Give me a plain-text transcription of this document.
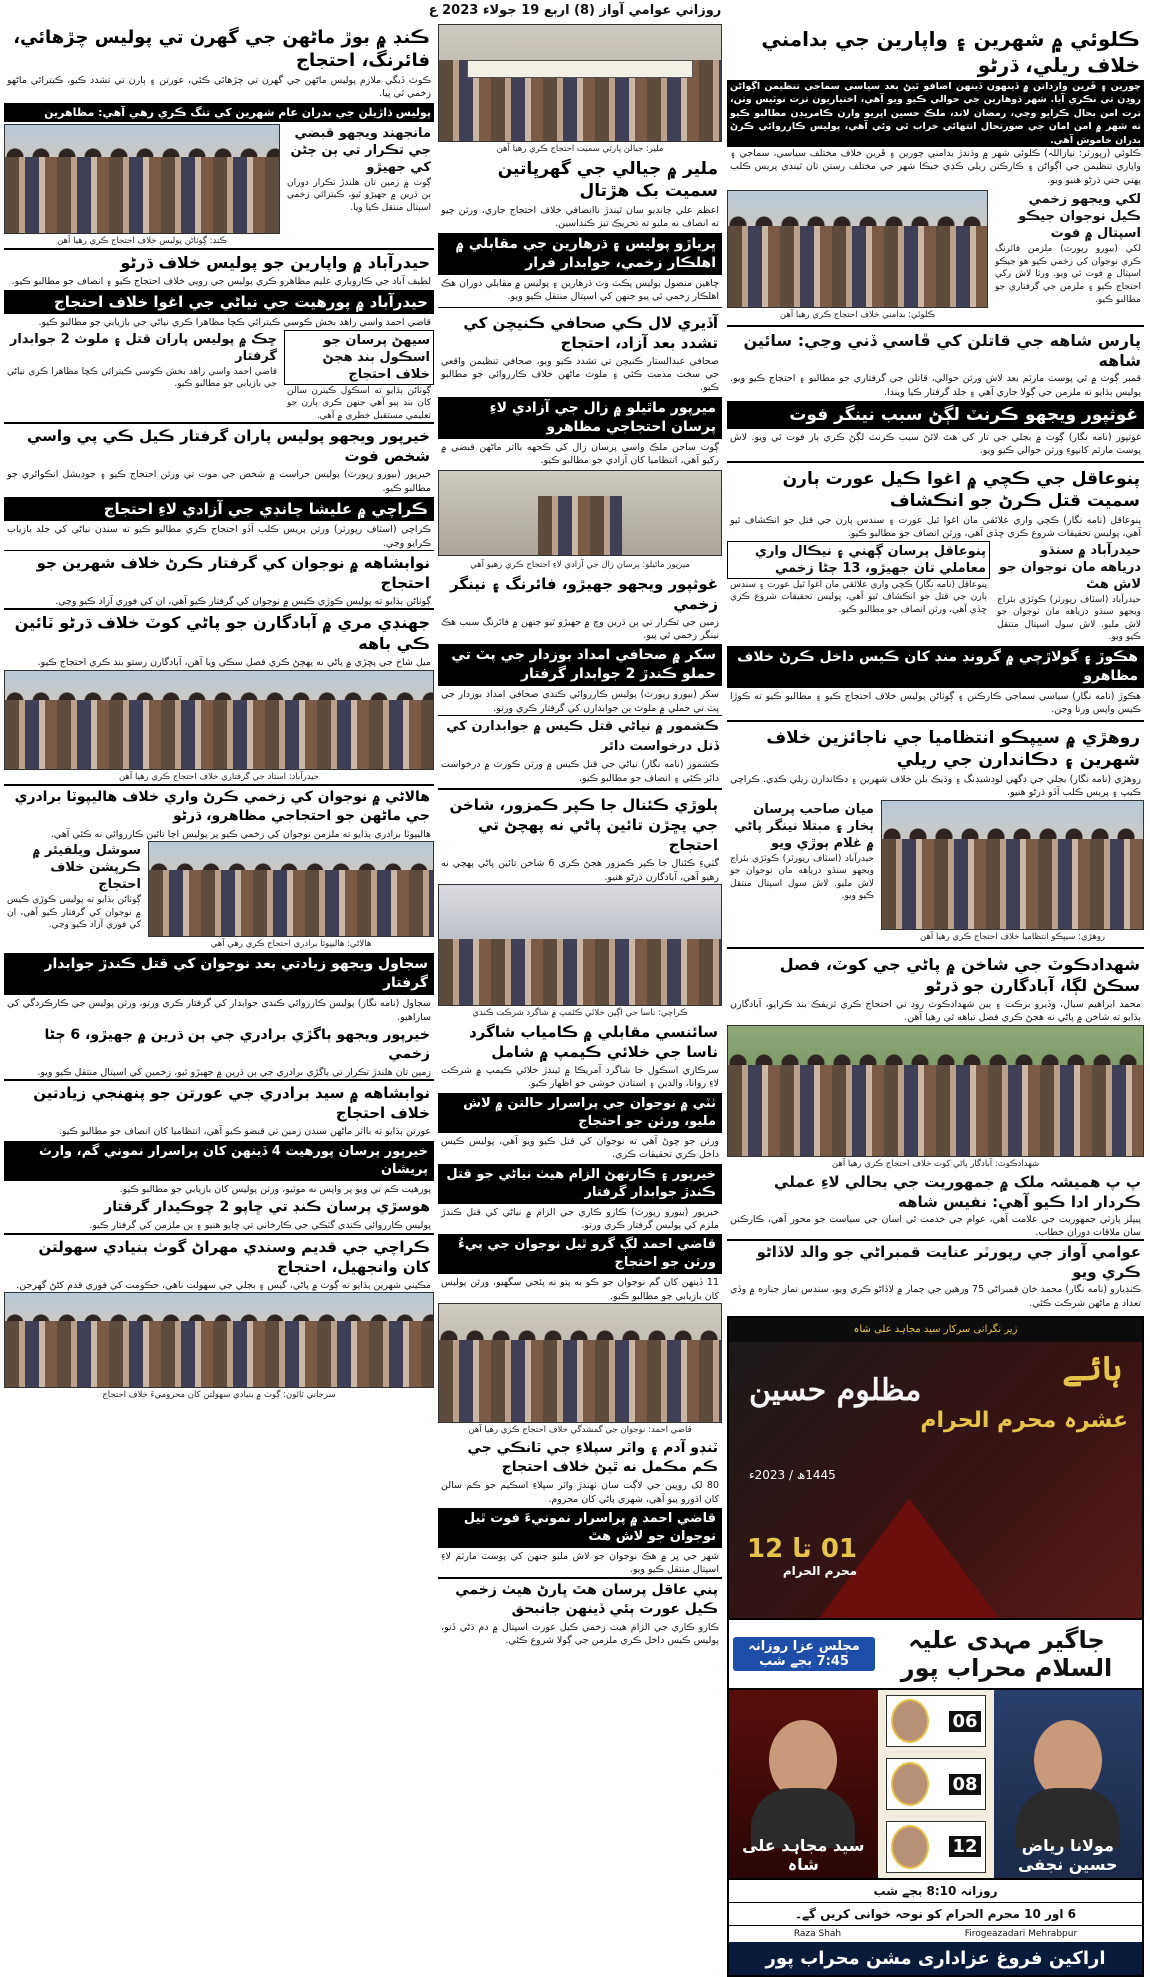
روزاني عوامي آواز (8) اربع 19 جولاء 2023 ع
ڪلوئي ۾ شهرين ۽ واپارين جي بدامني خلاف ريلي، ڌرڻو
چورين ۽ ڦرين وارداتن ۾ ڏينهون ڏينهن اضافو ٿيڻ بعد سياسي سماجي تنظيمن اڳواڻن روڊن تي نڪري آيا. شهر ڌوهارين جي حوالي ڪيو ويو آهي، اختياريون ترت نوٽيس وٺن، ترت امن بحال ڪرايو وڃي، رمضان لاند، ملڪ حسين اڀريو وارن ڪامريڊن مطالبو ڪيو ته شهر ۾ امن امان جي صورتحال انتهائي خراب ٿي وئي آهي، پوليس ڪارروائي ڪرڻ بدران خاموش آهي.
ڪلوئي (رپورٽر: نيازاللہ) ڪلوئي شهر ۾ وڌندڙ بدامني چورين ۽ ڦرين خلاف مختلف سياسي، سماجي ۽ واپاري تنظيمن جي اڳواڻن ۽ ڪارڪنن ريلي ڪڍي جيڪا شهر جي مختلف رستن تان ٿيندي پريس ڪلب پهتي جتي ڌرڻو هنيو ويو.
لکي ويجهو زخمي ڪيل نوجوان جيڪو اسپتال ۾ فوت
لکي (بيورو رپورٽ) ملزمن فائرنگ ڪري نوجوان کي زخمي ڪيو هو جيڪو اسپتال ۾ فوت ٿي ويو. ورثا لاش رکي احتجاج ڪيو ۽ ملزمن جي گرفتاري جو مطالبو ڪيو.
ڪلوئي: بدامني خلاف احتجاج ڪري رهيا آهن
پارس شاهه جي قاتلن کي ڦاسي ڏني وڃي: سائين شاهه
قمبر ڳوٺ ۾ ٿي پوسٽ مارٽم بعد لاش ورثن حوالي، قاتلن جي گرفتاري جو مطالبو ۽ احتجاج ڪيو ويو. پوليس ٻڌايو ته ملزمن جي ڳولا جاري آهي ۽ جلد گرفتار ڪيا ويندا.
غوثپور ويجهو ڪرنٽ لڳڻ سبب نينگر فوت
غوثپور (نامه نگار) ڳوٺ ۾ بجلي جي تار کي هٿ لائڻ سبب ڪرنٽ لڳڻ ڪري ٻار فوت ٿي ويو. لاش پوسٽ مارٽم کانپوءِ ورثن حوالي ڪيو ويو.
پنوعاقل جي ڪچي ۾ اغوا ڪيل عورت ٻارن سميت قتل ڪرڻ جو انڪشاف
پنوعاقل (نامه نگار) ڪچي واري علائقي مان اغوا ٿيل عورت ۽ سندس ٻارن جي قتل جو انڪشاف ٿيو آهي، پوليس تحقيقات شروع ڪري ڇڏي آهي، ورثن انصاف جو مطالبو ڪيو.
حيدرآباد ۾ سنڌو درياهه مان نوجوان جو لاش هٿ
حيدرآباد (اسٽاف رپورٽر) ڪوٽڙي بئراج ويجهو سنڌو درياهه مان نوجوان جو لاش مليو. لاش سول اسپتال منتقل ڪيو ويو.
پنوعاقل پرسان ڳهني ۽ نيڪال واري معاملي تان جهيڙو، 13 ڄڻا زخمي
پنوعاقل (نامه نگار) ڪچي واري علائقي مان اغوا ٿيل عورت ۽ سندس ٻارن جي قتل جو انڪشاف ٿيو آهي، پوليس تحقيقات شروع ڪري ڇڏي آهي، ورثن انصاف جو مطالبو ڪيو.
هڪوڙ ۽ گولاڙچي ۾ گرونڊ منڊ کان ڪيس داخل ڪرڻ خلاف مظاهرو
هڪوڙ (نامه نگار) سياسي سماجي ڪارڪنن ۽ ڳوٺاڻن پوليس خلاف احتجاج ڪيو ۽ مطالبو ڪيو ته ڪوڙا ڪيس واپس ورتا وڃن.
روهڙي ۾ سيپڪو انتظاميا جي ناجائزين خلاف شهرين ۽ دڪاندارن جي ريلي
روهڙي (نامه نگار) بجلي جي ڊگهي لوڊشيڊنگ ۽ وڌيڪ بلن خلاف شهرين ۽ دڪاندارن ريلي ڪڍي. ڪراچي ڪيپ ۽ پريس ڪلب آڏو ڌرڻو هنيو.
روهڙي: سيپڪو انتظاميا خلاف احتجاج ڪري رهيا آهن
ميان صاحب پرسان ٻخار ۽ مبتلا نينگر پاڻي ۾ غلام ٻوڙي ويو
حيدرآباد (اسٽاف رپورٽر) ڪوٽڙي بئراج ويجهو سنڌو درياهه مان نوجوان جو لاش مليو. لاش سول اسپتال منتقل ڪيو ويو.
شهدادڪوٽ جي شاخن ۾ پاڻي جي کوٽ، فصل سڪڻ لڳا، آبادگارن جو ڌرڻو
محمد ابراهيم سيال، وڏيرو برڪت ۽ ٻين شهدادڪوٽ روڊ تي احتجاج ڪري ٽريفڪ بند ڪرايو، آبادگارن ٻڌايو ته شاخن ۾ پاڻي نه هجڻ ڪري فصل تباهه ٿي رهيا آهن.
شهدادڪوٽ: آبادگار پاڻي کوٽ خلاف احتجاج ڪري رهيا آهن
پ پ همیشہ ملک ۾ جمهوريت جي بحالي لاءِ عملي ڪردار ادا ڪيو آهي: نفيس شاهه
پيپلز پارٽي جمهوريت جي علامت آهي، عوام جي خدمت ئي اسان جي سياست جو محور آهي، ڪارڪنن سان ملاقات دوران خطاب.
عوامي آواز جي رپورٽر عنايت قمبراڻي جو والد لاڏاڻو ڪري ويو
ڪنڊيارو (نامه نگار) محمد خان قمبراڻي 75 ورهين جي ڄمار ۾ لاڏاڻو ڪري ويو، سندس نماز جنازه ۾ وڏي تعداد ۾ ماڻهن شرڪت ڪئي.
زیر نگرانی سرکار سید مجاہد علی شاہ
ہائے
مظلوم حسین
عشرہ محرم الحرام
1445ھ / 2023ء
01 تا 12
محرم الحرام
جاگیر مہدی علیہ السلام محراب پور
مجلس عزا روزانہ 7:45 بجے شب
مولانا ریاض حسین نجفی
06
08
12
سید مجاہد علی شاہ
روزانہ 8:10 بجے شب
6 اور 10 محرم الحرام کو نوحہ خوانی کریں گے۔
Raza Shah	Firogeazadari Mehrabpur
اراکین فروغ عزاداری مشن محراب پور
ملير: جيالن پارٽي سميت احتجاج ڪري رهيا آهن
ملير ۾ جيالي جي گهرڀاتين سميت بک هڙتال
اعظم علي چانڊيو سان ٿيندڙ ناانصافي خلاف احتجاج جاري، ورثن چيو ته انصاف نه مليو ته تحريڪ تيز ڪنداسين.
ڀرياڙو پوليس ۽ ڌرهارين جي مقابلي ۾ اهلڪار زخمي، جوابدار فرار
چاهين منصول پوليس پڪٽ وٽ ڌرهارين ۽ پوليس ۾ مقابلي دوران هڪ اهلڪار زخمي ٿي پيو جنهن کي اسپتال منتقل ڪيو ويو.
آڏيري لال ڪي صحافي ڪنيچن کي تشدد بعد آزاد، احتجاج
صحافي عبدالستار ڪنيچن تي تشدد ڪيو ويو، صحافي تنظيمن واقعي جي سخت مذمت ڪئي ۽ ملوث ماڻهن خلاف ڪارروائي جو مطالبو ڪيو.
ميرپور ماٿيلو ۾ زال جي آزادي لاءِ پرسان احتجاجي مظاهرو
ڳوٺ ساجن ملڪ واسي پرسان زال کي ڪجهه بااثر ماڻهن قبضي ۾ رکيو آهي، انتظاميا کان آزادي جو مطالبو ڪيو.
ميرپور ماٿيلو: پرسان زال جي آزادي لاءِ احتجاج ڪري رهيو آهي
غوثپور ويجهو جهيڙو، فائرنگ ۽ نينگر زخمي
زمين جي تڪرار تي ٻن ڌرين وچ ۾ جهيڙو ٿيو جنهن ۾ فائرنگ سبب هڪ نينگر زخمي ٿي پيو.
سکر ۾ صحافي امداد بوزدار جي پٽ تي حملو ڪندڙ 2 جوابدار گرفتار
سکر (بيورو رپورٽ) پوليس ڪارروائي ڪندي صحافي امداد بوزدار جي پٽ تي حملي ۾ ملوث ٻن جوابدارن کي گرفتار ڪري ورتو.
ڪشمور ۾ نياڻي قتل ڪيس ۾ جوابدارن کي ڏنل درخواست دائر
ڪشمور (نامه نگار) نياڻي جي قتل ڪيس ۾ ورثن ڪورٽ ۾ درخواست دائر ڪئي ۽ انصاف جو مطالبو ڪيو.
ٻلوڙي ڪئنال جا ڪپر ڪمزور، شاخن جي پڇڙن تائين پاڻي نه پهچڻ تي احتجاج
گٽيءِ ڪئنال جا ڪپر ڪمزور هجڻ ڪري 6 شاخن تائين پاڻي پهچي نه رهيو آهي، آبادگارن ڌرڻو هنيو.
ڪراچي: ناسا جي اڳين خلائي ڪئمپ ۾ شاگرد شرڪت ڪندي
سائنسي مقابلي ۾ ڪامياب شاگرد ناسا جي خلائي ڪيمپ ۾ شامل
سرڪاري اسڪول جا شاگرد آمريڪا ۾ ٿيندڙ خلائي ڪيمپ ۾ شرڪت لاءِ روانا، والدين ۽ استادن خوشي جو اظهار ڪيو.
ٺٽي ۾ نوجوان جي پراسرار حالتن ۾ لاش مليو، ورثن جو احتجاج
ورثن جو چوڻ آهي ته نوجوان کي قتل ڪيو ويو آهي، پوليس ڪيس داخل ڪري تحقيقات ڪري.
خيرپور ۽ ڪارنهڻ الزام هيٺ نياڻي جو قتل ڪندڙ جوابدار گرفتار
خيرپور (بيورو رپورٽ) ڪارو ڪاري جي الزام ۾ نياڻي کي قتل ڪندڙ ملزم کي پوليس گرفتار ڪري ورتو.
قاضي احمد لڳ گرو ٿيل نوجوان جي پيءُ ورثن جو احتجاج
11 ڏينهن کان گم نوجوان جو ڪو به پتو نه پئجي سگهيو، ورثن پوليس کان بازيابي جو مطالبو ڪيو.
قاضي احمد: نوجوان جي گمشدگي خلاف احتجاج ڪري رهيا آهن
ٽنڊو آدم ۽ واٽر سپلاءِ جي ٽانڪي جي ڪم مڪمل نه ٿيڻ خلاف احتجاج
80 لک روپين جي لاڳت سان ٺهندڙ واٽر سپلاءِ اسڪيم جو ڪم سالن کان اڌورو پيو آهي، شهري پاڻي کان محروم.
قاضي احمد ۾ پراسرار نمونيءَ فوت ٿيل نوجوان جو لاش هٿ
شهر جي ڀر ۾ هڪ نوجوان جو لاش مليو جنهن کي پوسٽ مارٽم لاءِ اسپتال منتقل ڪيو ويو.
پني عاقل پرسان هٿ ڀارڻ هيٺ زخمي ڪيل عورت ٻئي ڏينهن جانبحق
ڪارو ڪاري جي الزام هيٺ زخمي ڪيل عورت اسپتال ۾ دم ڌڻي ڏنو، پوليس ڪيس داخل ڪري ملزمن جي ڳولا شروع ڪئي.
ڪنڊ ۾ بوڙ ماڻهن جي گهرن تي پوليس چڙهائي، فائرنگ، احتجاج
ڪوٽ ڏيگي ملازم پوليس ماڻهن جي گهرن تي چڙهائي ڪئي، عورتن ۽ ٻارن تي تشدد ڪيو، ڪيترائي ماڻهو زخمي ٿي پيا.
پوليس ڌاڙيلن جي بدران عام شهرين کي تنگ ڪري رهي آهي: مظاهرين
مانجهند ويجهو قبضي جي تڪرار تي ٻن ڄڻن کي جهيڙو
ڳوٺ ۾ زمين تان هلندڙ تڪرار دوران ٻن ڌرين ۾ جهيڙو ٿيو، ڪيترائي زخمي اسپتال منتقل ڪيا ويا.
ڪنڊ: ڳوٺاڻن پوليس خلاف احتجاج ڪري رهيا آهن
حيدرآباد ۾ واپارين جو پوليس خلاف ڌرڻو
لطيف آباد جي ڪاروباري عليم مظاهرو ڪري پوليس جي رويي خلاف احتجاج ڪيو ۽ انصاف جو مطالبو ڪيو.
حيدرآباد ۾ پورهيت جي نياڻي جي اغوا خلاف احتجاج
قاضي احمد واسي راهد بخش ڪوسي ڪيترائي ڪچا مظاهرا ڪري نياڻي جي بازيابي جو مطالبو ڪيو.
سيهڻ پرسان جو اسڪول بند هجڻ خلاف احتجاج
ڳوٺاڻن ٻڌايو ته اسڪول ڪيترن سالن کان بند پيو آهي جنهن ڪري ٻارن جو تعليمي مستقبل خطري ۾ آهي.
ڇڪ ۾ پوليس پاران قتل ۽ ملوث 2 جوابدار گرفتار
قاضي احمد واسي راهد بخش ڪوسي ڪيترائي ڪچا مظاهرا ڪري نياڻي جي بازيابي جو مطالبو ڪيو.
خيرپور ويجهو پوليس پاران گرفتار ڪيل ڪي پي واسي شخص فوت
خيرپور (بيورو رپورٽ) پوليس حراست ۾ شخص جي موت تي ورثن احتجاج ڪيو ۽ جوڊيشل انڪوائري جو مطالبو ڪيو.
ڪراچي ۾ عليشا چانڊي جي آزادي لاءِ احتجاج
ڪراچي (اسٽاف رپورٽر) ورثن پريس ڪلب آڏو احتجاج ڪري مطالبو ڪيو ته سندن نياڻي کي جلد بازياب ڪرايو وڃي.
نوابشاهه ۾ نوجوان کي گرفتار ڪرڻ خلاف شهرين جو احتجاج
ڳوٺاڻن ٻڌايو ته پوليس ڪوڙي ڪيس ۾ نوجوان کي گرفتار ڪيو آهي، ان کي فوري آزاد ڪيو وڃي.
جهنڊي مري ۾ آبادگارن جو پاڻي کوٽ خلاف ڌرڻو ٽائين ڪي باهه
ميل شاخ جي پڇڙي ۾ پاڻي نه پهچڻ ڪري فصل سڪي ويا آهن، آبادگارن رستو بند ڪري احتجاج ڪيو.
حيدرآباد: استاد جي گرفتاري خلاف احتجاج ڪري رهيا آهن
هالاڻي ۾ نوجوان کي زخمي ڪرڻ واري خلاف هاليپوٽا برادري جي ماڻهن جو احتجاجي مظاهرو، ڌرڻو
هاليپوٽا برادري ٻڌايو ته ملزمن نوجوان کي زخمي ڪيو پر پوليس اڃا تائين ڪارروائي نه ڪئي آهي.
هالاڻي: هاليپوٽا برادري احتجاج ڪري رهي آهي
سوشل ويلفيئر ۾ ڪرپشن خلاف احتجاج
ڳوٺاڻن ٻڌايو ته پوليس ڪوڙي ڪيس ۾ نوجوان کي گرفتار ڪيو آهي، ان کي فوري آزاد ڪيو وڃي.
سجاول ويجهو زيادتي بعد نوجوان کي قتل ڪندڙ جوابدار گرفتار
سجاول (نامه نگار) پوليس ڪارروائي ڪندي جوابدار کي گرفتار ڪري ورتو، ورثن پوليس جي ڪارڪردگي کي ساراهيو.
خيرپور ويجهو ٻاگڙي برادري جي ٻن ڌرين ۾ جهيڙو، 6 ڄڻا زخمي
زمين تان هلندڙ تڪرار تي ٻاگڙي برادري جي ٻن ڌرين ۾ جهيڙو ٿيو، زخمين کي اسپتال منتقل ڪيو ويو.
نوابشاهه ۾ سيد برادري جي عورتن جو پنهنجي زيادتين خلاف احتجاج
عورتن ٻڌايو ته بااثر ماڻهن سندن زمين تي قبضو ڪيو آهي، انتظاميا کان انصاف جو مطالبو ڪيو.
خيرپور پرسان پورهيت 4 ڏينهن کان پراسرار نموني گم، وارث پريشان
پورهيت ڪم تي ويو پر واپس نه موٽيو، ورثن پوليس کان بازيابي جو مطالبو ڪيو.
هوسڙي پرسان ڪنڊ تي ڇاپو 2 چوڪيدار گرفتار
پوليس ڪارروائي ڪندي گٽڪي جي ڪارخاني تي ڇاپو هنيو ۽ ٻن ملزمن کي گرفتار ڪيو.
ڪراچي جي قديم وسندي مهراڻ گوٺ بنيادي سهولتن کان وانجهيل، احتجاج
مڪيني شهرين ٻڌايو ته ڳوٺ ۾ پاڻي، گيس ۽ بجلي جي سهولت ناهي، حڪومت کي فوري قدم کڻڻ گهرجن.
سرجاني ٽائون: ڳوٺ ۾ بنيادي سهولتن کان محروميءَ خلاف احتجاج
